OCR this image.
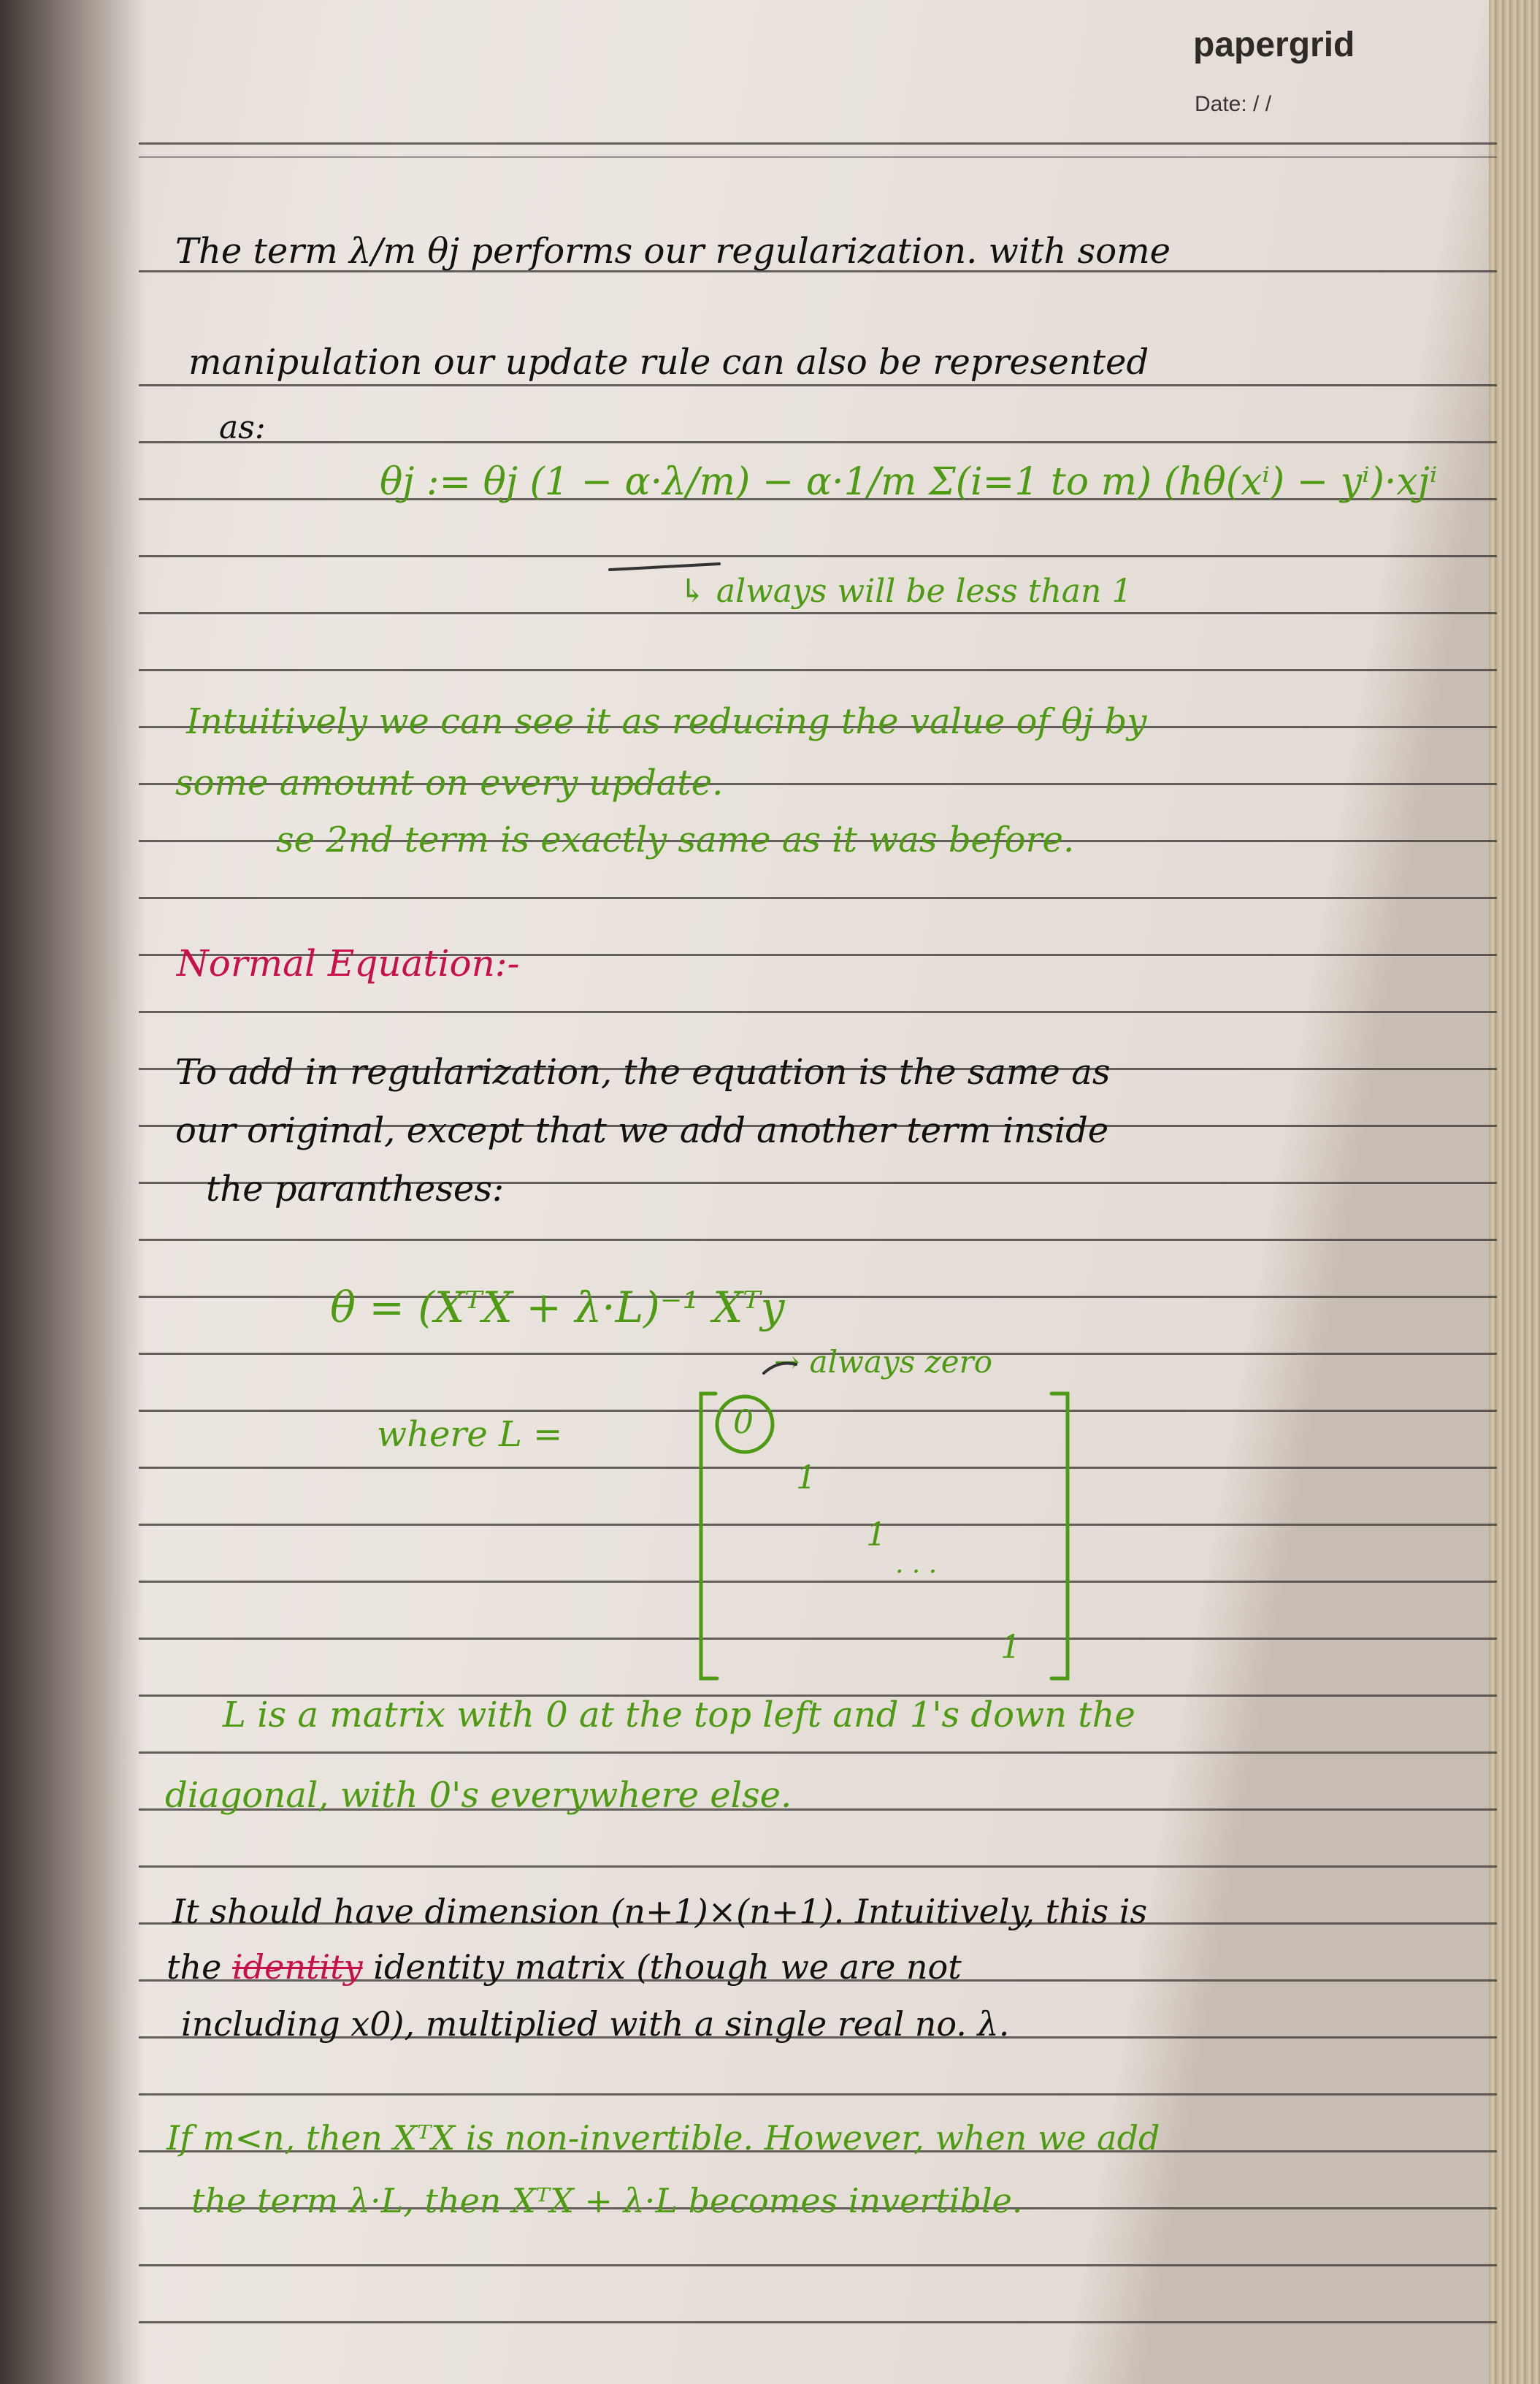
papergrid
Date: / /
The term λ/m θj performs our regularization. with some
manipulation our update rule can also be represented
as:
θj := θj (1 − α·λ/m) − α·1/m Σ(i=1 to m) (hθ(xⁱ) − yⁱ)·xjⁱ
↳ always will be less than 1
Intuitively we can see it as reducing the value of θj by
some amount on every update.
se 2nd term is exactly same as it was before.
Normal Equation:-
To add in regularization, the equation is the same as
our original, except that we add another term inside
the parantheses:
θ = (XᵀX + λ·L)⁻¹ Xᵀy
→ always zero
where L =	0
1
1
· · ·
1
L is a matrix with 0 at the top left and 1's down the
diagonal, with 0's everywhere else.
It should have dimension (n+1)×(n+1). Intuitively, this is
the identity identity matrix (though we are not
including x0), multiplied with a single real no. λ.
If m<n, then XᵀX is non-invertible. However, when we add
the term λ·L, then XᵀX + λ·L becomes invertible.
